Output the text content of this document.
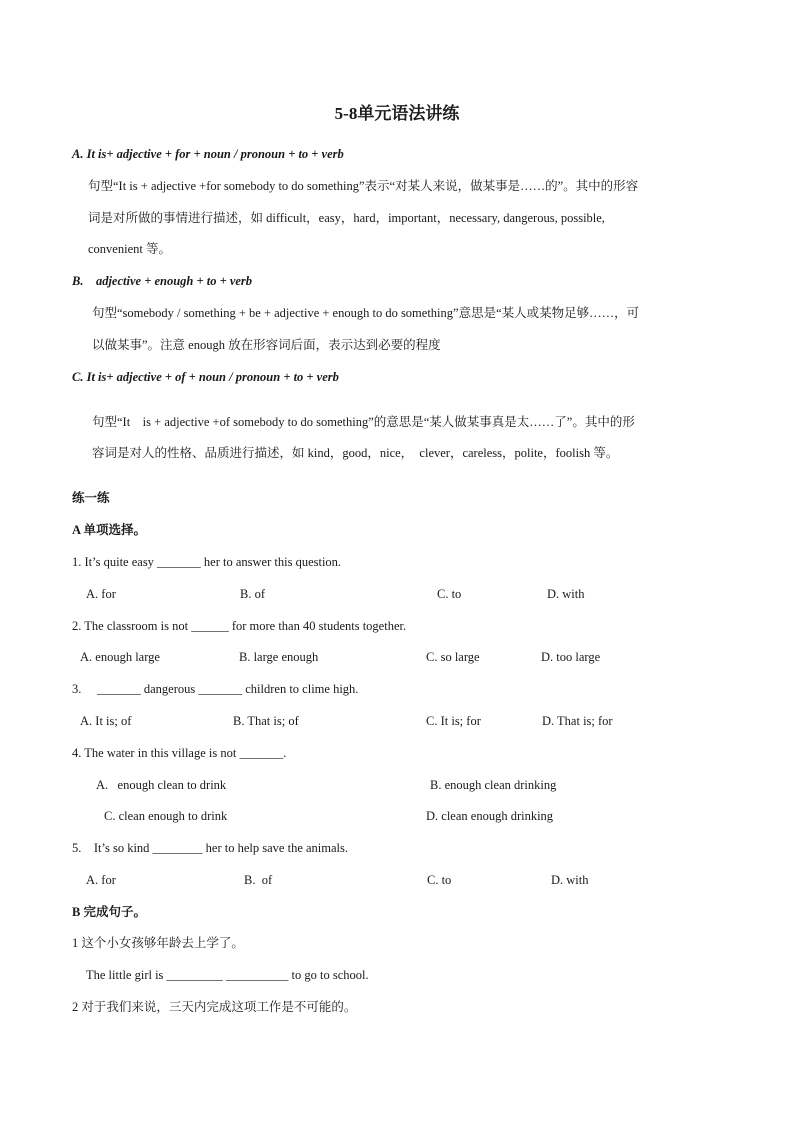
5-8单元语法讲练
A. It is+ adjective + for + noun / pronoun + to + verb
句型“It is + adjective +for somebody to do something”表示“对某人来说，做某事是……的”。其中的形容
词是对所做的事情进行描述，如 difficult，easy，hard，important，necessary, dangerous, possible,
convenient 等。
B.    adjective + enough + to + verb
句型“somebody / something + be + adjective + enough to do something”意思是“某人或某物足够……，可
以做某事”。注意 enough 放在形容词后面，表示达到必要的程度
C. It is+ adjective + of + noun / pronoun + to + verb
句型“It    is + adjective +of somebody to do something”的意思是“某人做某事真是太……了”。其中的形
容词是对人的性格、品质进行描述，如 kind，good，nice，  clever，careless，polite，foolish 等。
练一练
A 单项选择。
1. It’s quite easy _______ her to answer this question.
A. for	B. of	C. to	D. with
2. The classroom is not ______ for more than 40 students together.
A. enough large	B. large enough	C. so large	D. too large
3.     _______ dangerous _______ children to clime high.
A. It is; of	B. That is; of	C. It is; for	D. That is; for
4. The water in this village is not _______.
A.   enough clean to drink	B. enough clean drinking
C. clean enough to drink	D. clean enough drinking
5.    It’s so kind ________ her to help save the animals.
A. for	B.  of	C. to	D. with
B 完成句子。
1 这个小女孩够年龄去上学了。
The little girl is _________ __________ to go to school.
2 对于我们来说，三天内完成这项工作是不可能的。
